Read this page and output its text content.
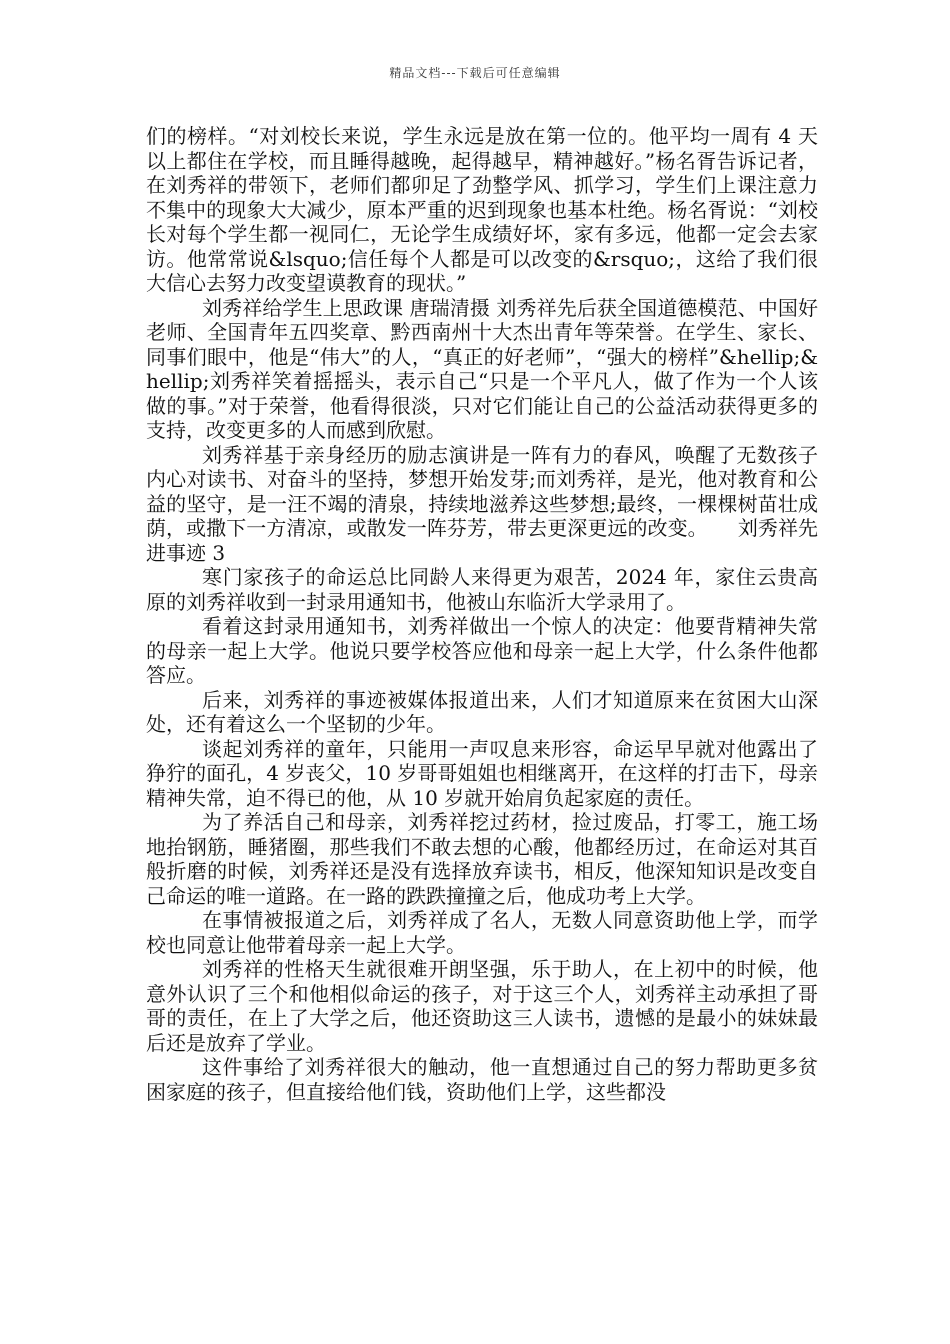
精品文档---下载后可任意编辑

们的榜样。“对刘校长来说，学生永远是放在第一位的。他平均一周有 4 天以上都住在学校，而且睡得越晚，起得越早，精神越好。”杨名胥告诉记者，在刘秀祥的带领下，老师们都卯足了劲整学风、抓学习，学生们上课注意力不集中的现象大大减少，原本严重的迟到现象也基本杜绝。杨名胥说：“刘校长对每个学生都一视同仁，无论学生成绩好坏，家有多远，他都一定会去家访。他常常说&lsquo;信任每个人都是可以改变的&rsquo;，这给了我们很大信心去努力改变望谟教育的现状。”

刘秀祥给学生上思政课 唐瑞清摄 刘秀祥先后获全国道德模范、中国好老师、全国青年五四奖章、黔西南州十大杰出青年等荣誉。在学生、家长、同事们眼中，他是“伟大”的人，“真正的好老师”，“强大的榜样”&hellip;&hellip;刘秀祥笑着摇摇头，表示自己“只是一个平凡人，做了作为一个人该做的事。”对于荣誉，他看得很淡，只对它们能让自己的公益活动获得更多的支持，改变更多的人而感到欣慰。

刘秀祥基于亲身经历的励志演讲是一阵有力的春风，唤醒了无数孩子内心对读书、对奋斗的坚持，梦想开始发芽;而刘秀祥，是光，他对教育和公益的坚守，是一汪不竭的清泉，持续地滋养这些梦想;最终，一棵棵树苗壮成荫，或撒下一方清凉，或散发一阵芬芳，带去更深更远的改变。　　刘秀祥先进事迹 3

寒门家孩子的命运总比同龄人来得更为艰苦，2024 年，家住云贵高原的刘秀祥收到一封录用通知书，他被山东临沂大学录用了。

看着这封录用通知书，刘秀祥做出一个惊人的决定：他要背精神失常的母亲一起上大学。他说只要学校答应他和母亲一起上大学，什么条件他都答应。

后来，刘秀祥的事迹被媒体报道出来，人们才知道原来在贫困大山深处，还有着这么一个坚韧的少年。

谈起刘秀祥的童年，只能用一声叹息来形容，命运早早就对他露出了狰狞的面孔，4 岁丧父，10 岁哥哥姐姐也相继离开，在这样的打击下，母亲精神失常，迫不得已的他，从 10 岁就开始肩负起家庭的责任。

为了养活自己和母亲，刘秀祥挖过药材，捡过废品，打零工，施工场地抬钢筋，睡猪圈，那些我们不敢去想的心酸，他都经历过，在命运对其百般折磨的时候，刘秀祥还是没有选择放弃读书，相反，他深知知识是改变自己命运的唯一道路。在一路的跌跌撞撞之后，他成功考上大学。

在事情被报道之后，刘秀祥成了名人，无数人同意资助他上学，而学校也同意让他带着母亲一起上大学。

刘秀祥的性格天生就很难开朗坚强，乐于助人，在上初中的时候，他意外认识了三个和他相似命运的孩子，对于这三个人，刘秀祥主动承担了哥哥的责任，在上了大学之后，他还资助这三人读书，遗憾的是最小的妹妹最后还是放弃了学业。

这件事给了刘秀祥很大的触动，他一直想通过自己的努力帮助更多贫困家庭的孩子，但直接给他们钱，资助他们上学，这些都没
